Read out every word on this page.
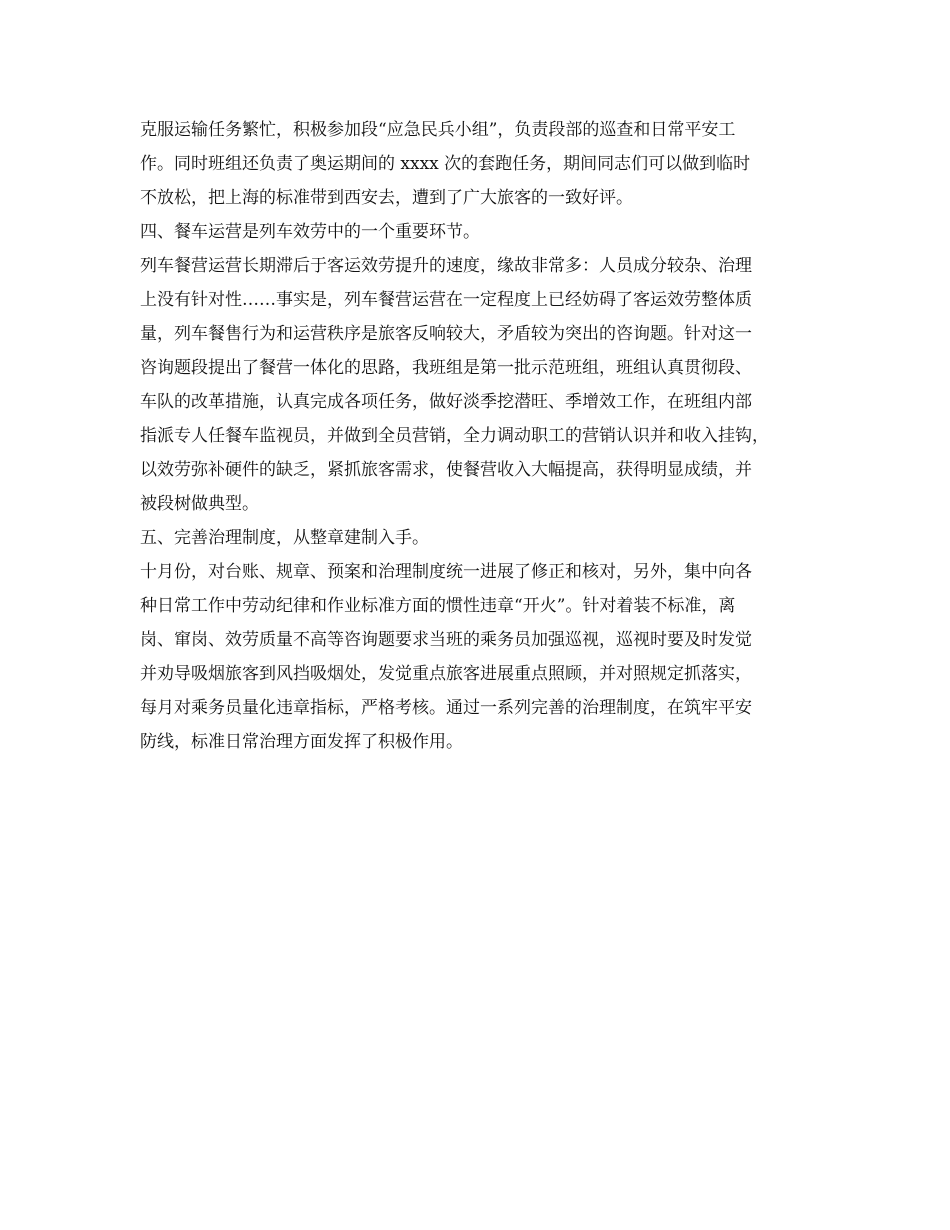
克服运输任务繁忙，积极参加段“应急民兵小组”，负责段部的巡查和日常平安工
作。同时班组还负责了奥运期间的 xxxx 次的套跑任务，期间同志们可以做到临时
不放松，把上海的标准带到西安去，遭到了广大旅客的一致好评。
四、餐车运营是列车效劳中的一个重要环节。
列车餐营运营长期滞后于客运效劳提升的速度，缘故非常多：人员成分较杂、治理
上没有针对性……事实是，列车餐营运营在一定程度上已经妨碍了客运效劳整体质
量，列车餐售行为和运营秩序是旅客反响较大，矛盾较为突出的咨询题。针对这一
咨询题段提出了餐营一体化的思路，我班组是第一批示范班组，班组认真贯彻段、
车队的改革措施，认真完成各项任务，做好淡季挖潜旺、季增效工作，在班组内部
指派专人任餐车监视员，并做到全员营销，全力调动职工的营销认识并和收入挂钩，
以效劳弥补硬件的缺乏，紧抓旅客需求，使餐营收入大幅提高，获得明显成绩，并
被段树做典型。
五、完善治理制度，从整章建制入手。
十月份，对台账、规章、预案和治理制度统一进展了修正和核对，另外，集中向各
种日常工作中劳动纪律和作业标准方面的惯性违章“开火”。针对着装不标准，离
岗、窜岗、效劳质量不高等咨询题要求当班的乘务员加强巡视，巡视时要及时发觉
并劝导吸烟旅客到风挡吸烟处，发觉重点旅客进展重点照顾，并对照规定抓落实，
每月对乘务员量化违章指标，严格考核。通过一系列完善的治理制度，在筑牢平安
防线，标准日常治理方面发挥了积极作用。
